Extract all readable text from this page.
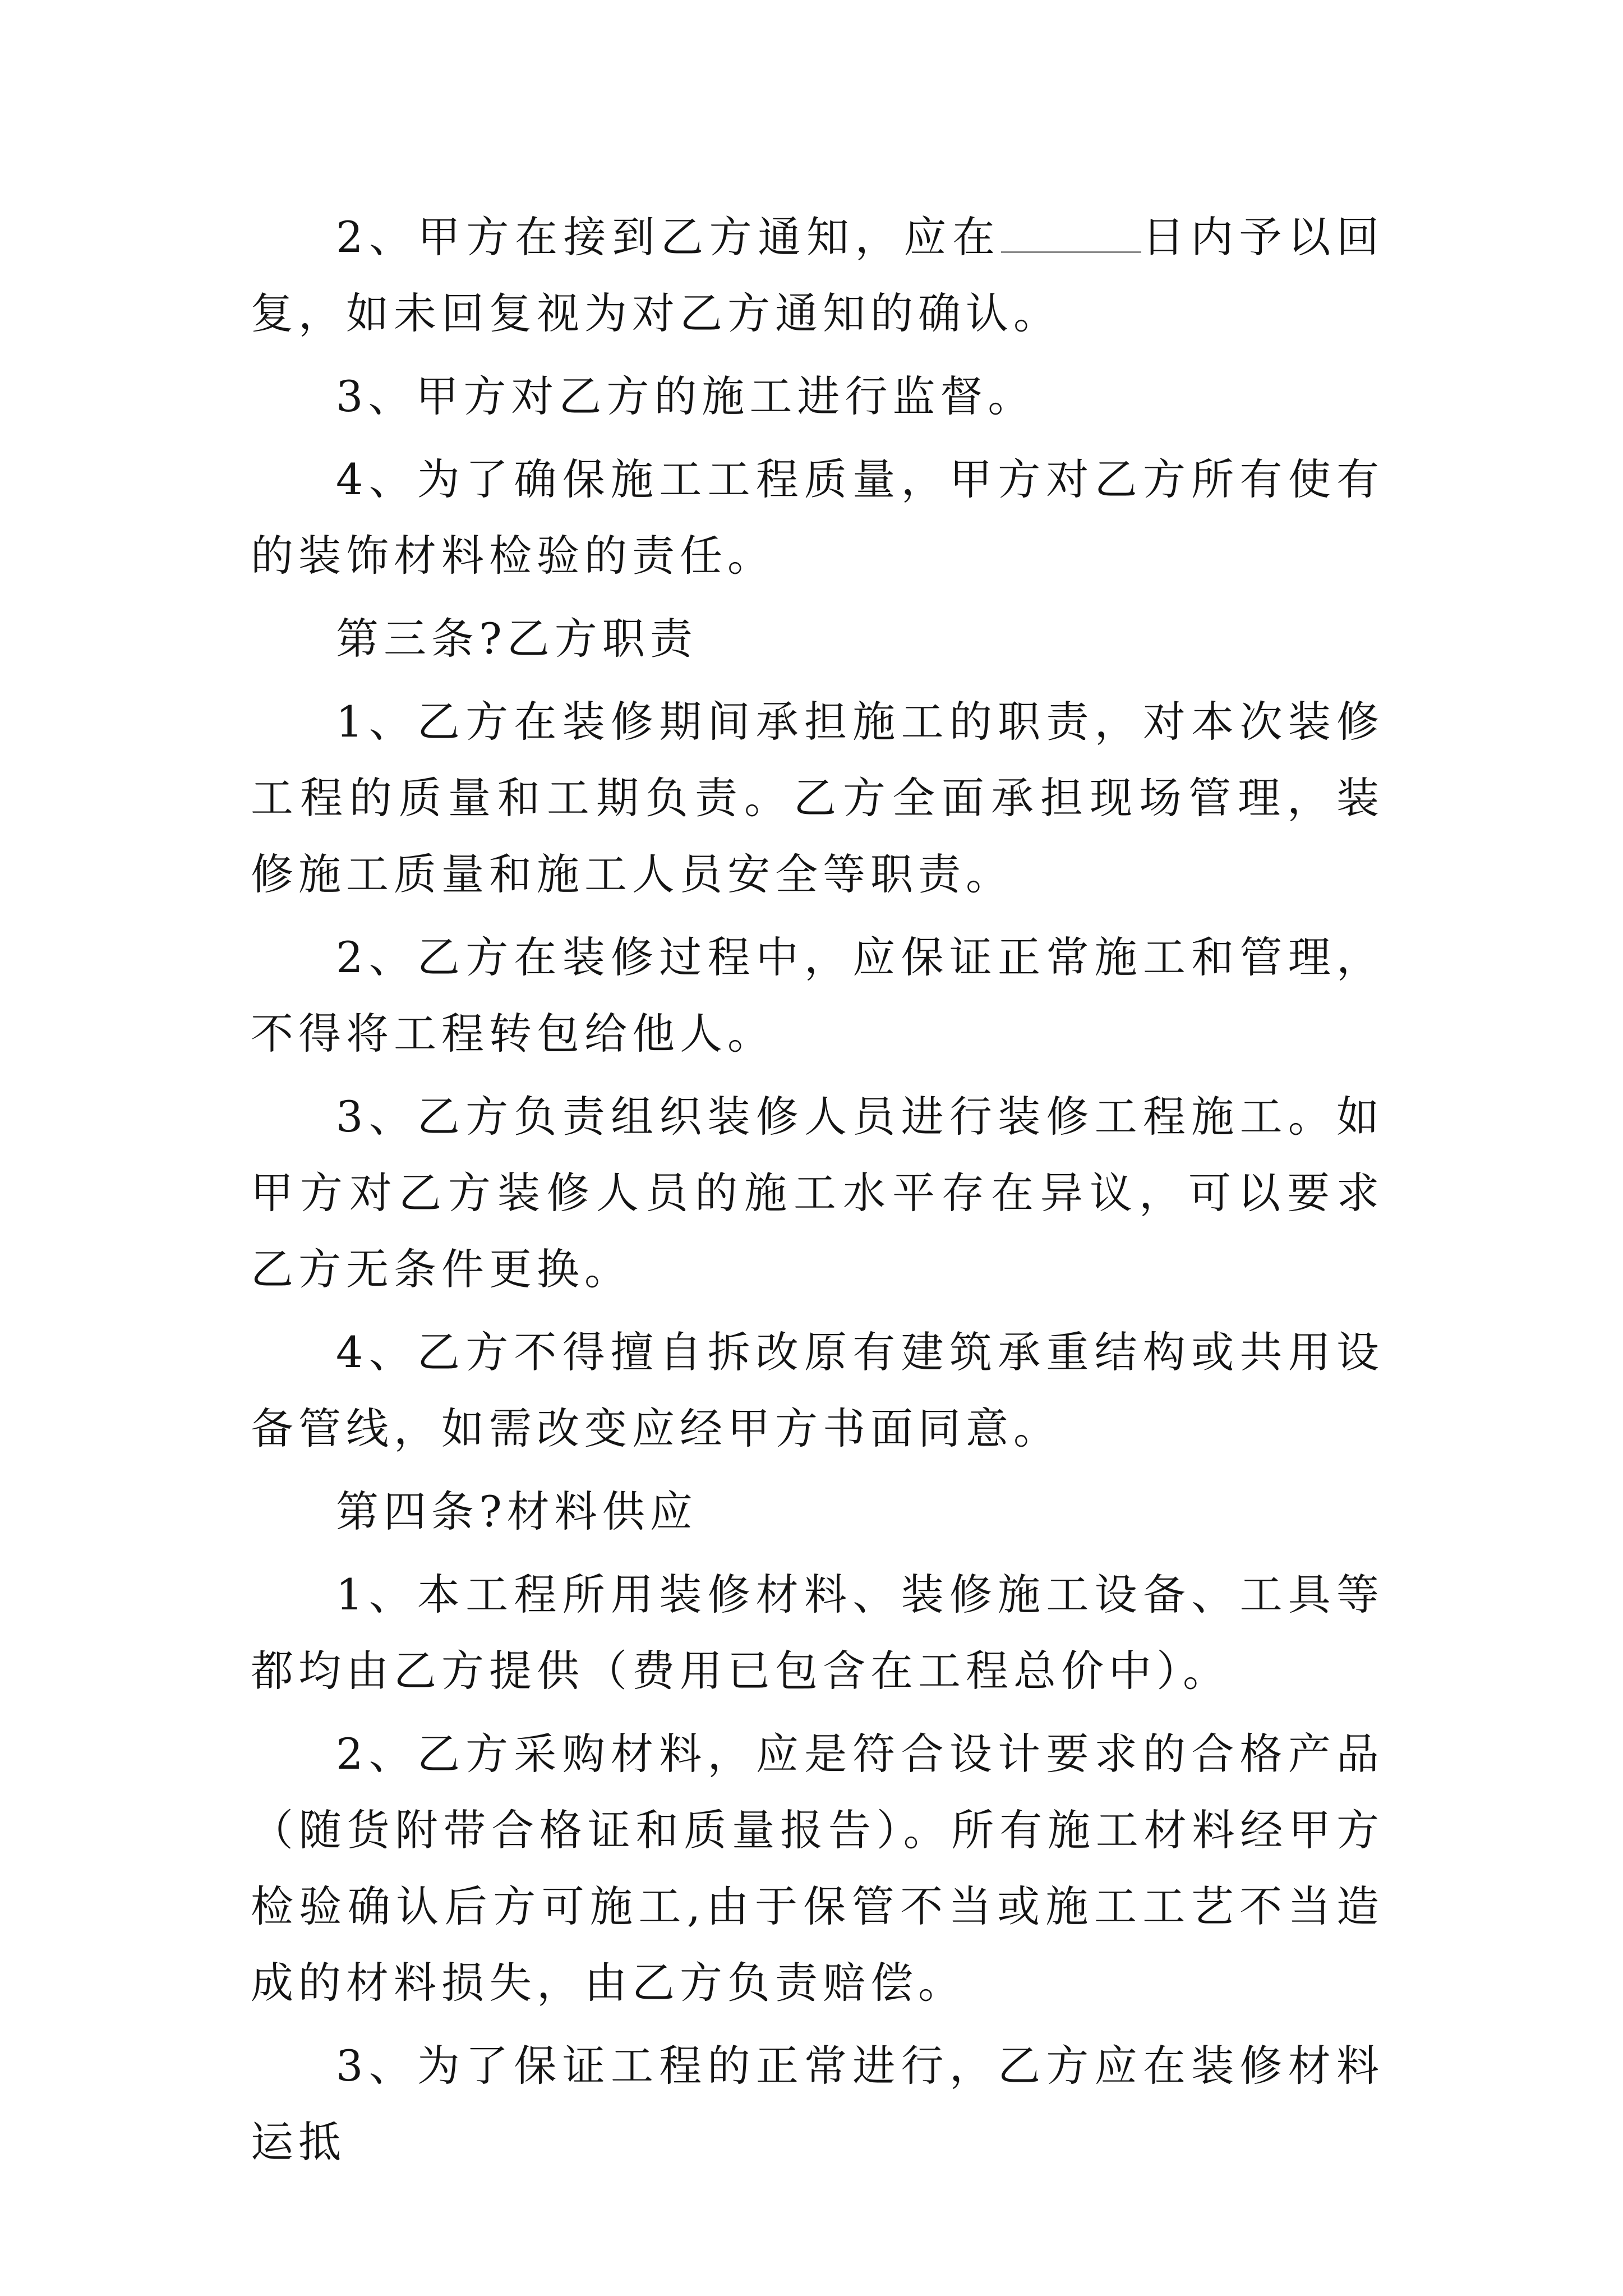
2、甲方在接到乙方通知，应在	日内予以回复，如未回复视为对乙方通知的确认。

3、甲方对乙方的施工进行监督。

4、为了确保施工工程质量，甲方对乙方所有使有的装饰材料检验的责任。

第三条?乙方职责

1、乙方在装修期间承担施工的职责，对本次装修工程的质量和工期负责。乙方全面承担现场管理，装修施工质量和施工人员安全等职责。

2、乙方在装修过程中，应保证正常施工和管理，不得将工程转包给他人。

3、乙方负责组织装修人员进行装修工程施工。如甲方对乙方装修人员的施工水平存在异议，可以要求乙方无条件更换。

4、乙方不得擅自拆改原有建筑承重结构或共用设备管线，如需改变应经甲方书面同意。

第四条?材料供应

1、本工程所用装修材料、装修施工设备、工具等都均由乙方提供（费用已包含在工程总价中）。

2、乙方采购材料，应是符合设计要求的合格产品（随货附带合格证和质量报告）。所有施工材料经甲方检验确认后方可施工,由于保管不当或施工工艺不当造成的材料损失，由乙方负责赔偿。

3、为了保证工程的正常进行，乙方应在装修材料运抵
